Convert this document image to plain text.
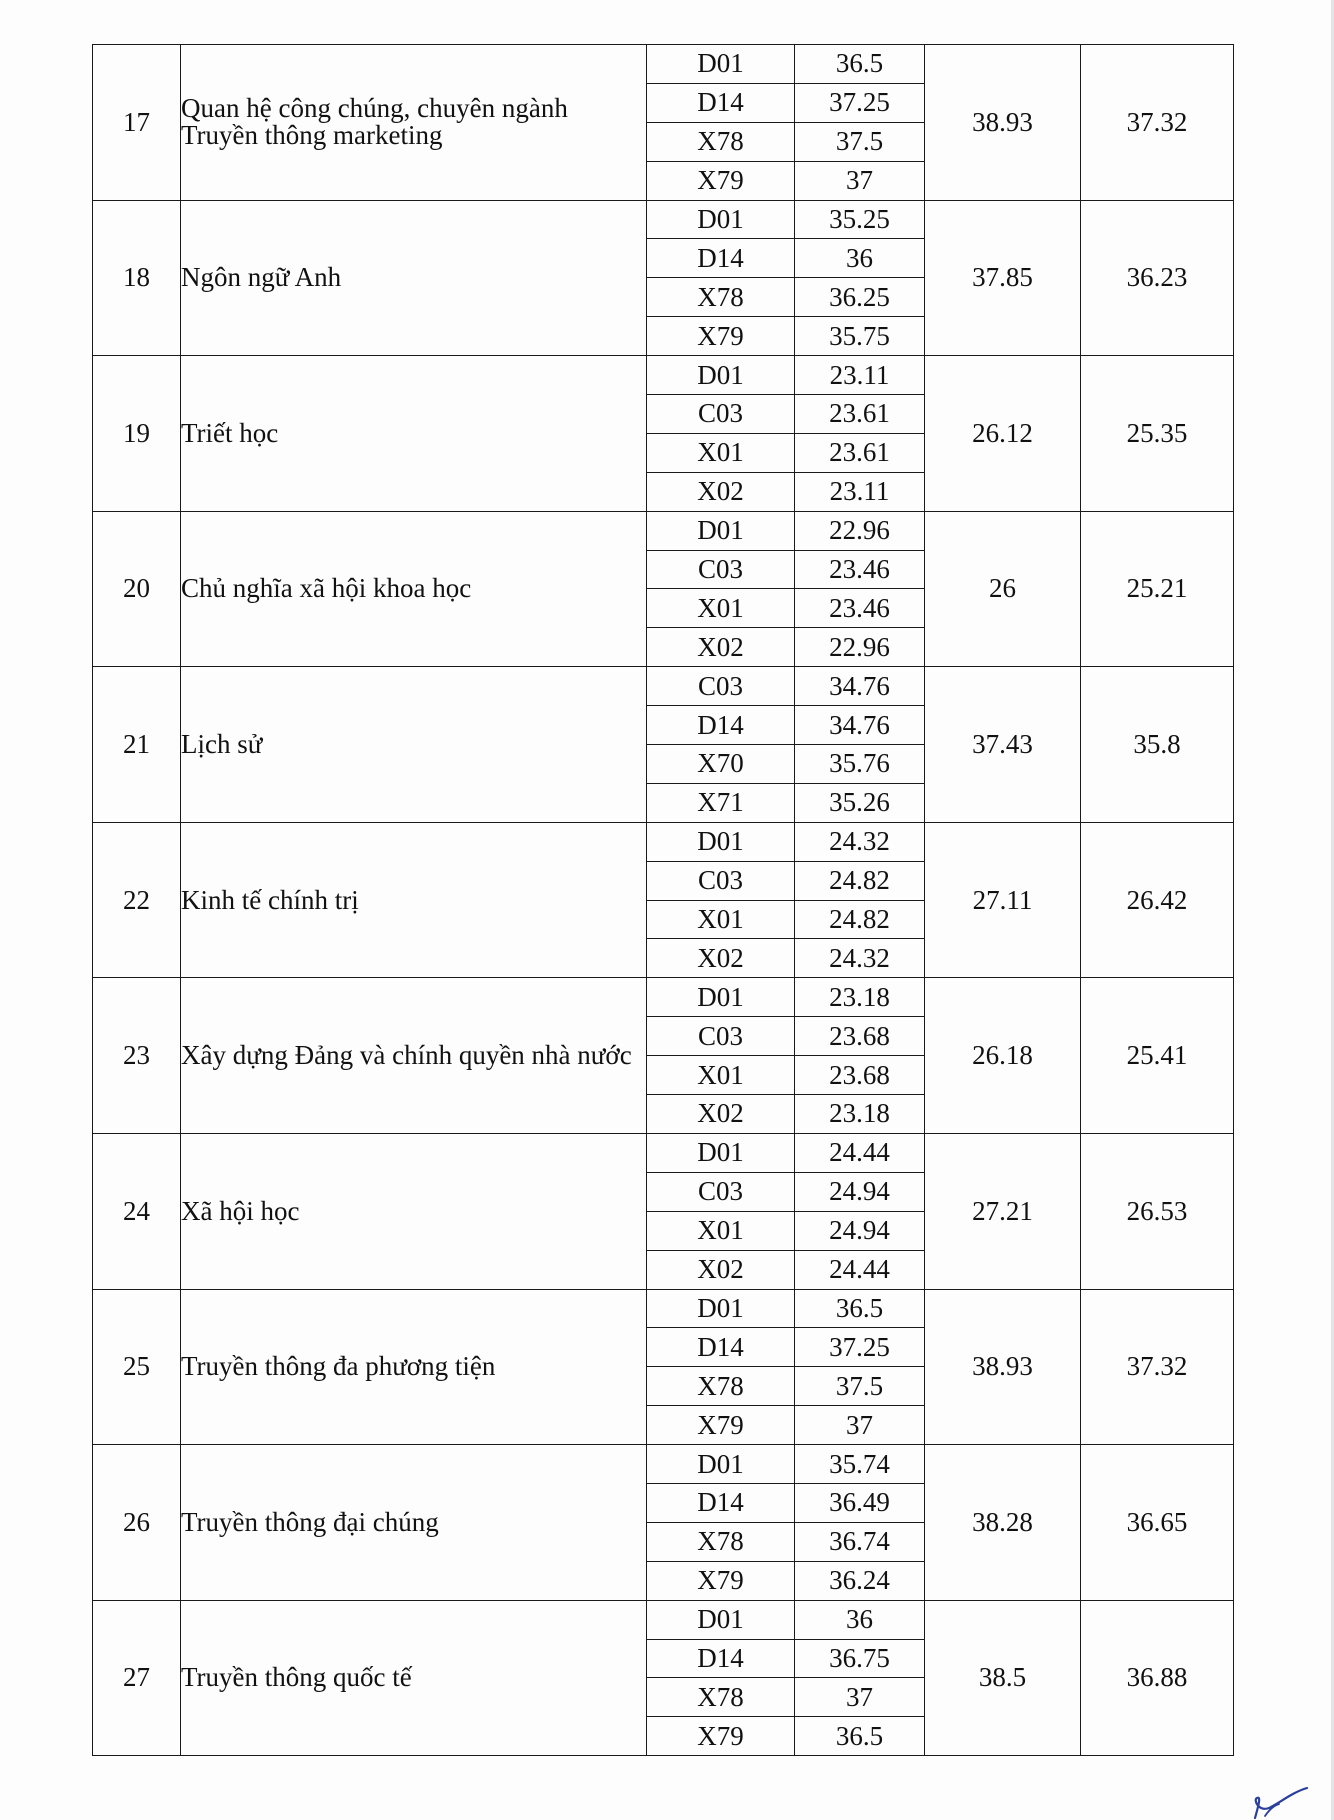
17	Quan hệ công chúng, chuyên ngành Truyền thông marketing	D01	36.5	38.93	37.32
		D14	37.25		
		X78	37.5		
		X79	37		
18	Ngôn ngữ Anh	D01	35.25	37.85	36.23
		D14	36		
		X78	36.25		
		X79	35.75		
19	Triết học	D01	23.11	26.12	25.35
		C03	23.61		
		X01	23.61		
		X02	23.11		
20	Chủ nghĩa xã hội khoa học	D01	22.96	26	25.21
		C03	23.46		
		X01	23.46		
		X02	22.96		
21	Lịch sử	C03	34.76	37.43	35.8
		D14	34.76		
		X70	35.76		
		X71	35.26		
22	Kinh tế chính trị	D01	24.32	27.11	26.42
		C03	24.82		
		X01	24.82		
		X02	24.32		
23	Xây dựng Đảng và chính quyền nhà nước	D01	23.18	26.18	25.41
		C03	23.68		
		X01	23.68		
		X02	23.18		
24	Xã hội học	D01	24.44	27.21	26.53
		C03	24.94		
		X01	24.94		
		X02	24.44		
25	Truyền thông đa phương tiện	D01	36.5	38.93	37.32
		D14	37.25		
		X78	37.5		
		X79	37		
26	Truyền thông đại chúng	D01	35.74	38.28	36.65
		D14	36.49		
		X78	36.74		
		X79	36.24		
27	Truyền thông quốc tế	D01	36	38.5	36.88
		D14	36.75		
		X78	37		
		X79	36.5		
